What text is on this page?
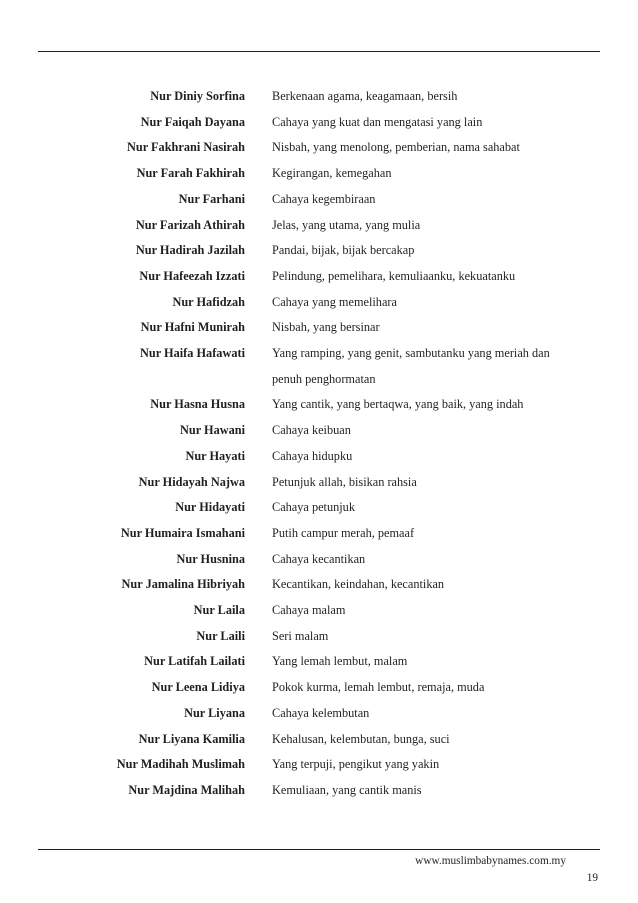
Nur Diniy Sorfina Berkenaan agama, keagamaan, bersih
Nur Faiqah Dayana Cahaya yang kuat dan mengatasi yang lain
Nur Fakhrani Nasirah Nisbah, yang menolong, pemberian, nama sahabat
Nur Farah Fakhirah Kegirangan, kemegahan
Nur Farhani Cahaya kegembiraan
Nur Farizah Athirah Jelas, yang utama, yang mulia
Nur Hadirah Jazilah Pandai, bijak, bijak bercakap
Nur Hafeezah Izzati Pelindung, pemelihara, kemuliaanku, kekuatanku
Nur Hafidzah Cahaya yang memelihara
Nur Hafni Munirah Nisbah, yang bersinar
Nur Haifa Hafawati Yang ramping, yang genit, sambutanku yang meriah dan
penuh penghormatan
Nur Hasna Husna Yang cantik, yang bertaqwa, yang baik, yang indah
Nur Hawani Cahaya keibuan
Nur Hayati Cahaya hidupku
Nur Hidayah Najwa Petunjuk allah, bisikan rahsia
Nur Hidayati Cahaya petunjuk
Nur Humaira Ismahani Putih campur merah, pemaaf
Nur Husnina Cahaya kecantikan
Nur Jamalina Hibriyah Kecantikan, keindahan, kecantikan
Nur Laila Cahaya malam
Nur Laili Seri malam
Nur Latifah Lailati Yang lemah lembut, malam
Nur Leena Lidiya Pokok kurma, lemah lembut, remaja, muda
Nur Liyana Cahaya kelembutan
Nur Liyana Kamilia Kehalusan, kelembutan, bunga, suci
Nur Madihah Muslimah Yang terpuji, pengikut yang yakin
Nur Majdina Malihah Kemuliaan, yang cantik manis
www.muslimbabynames.com.my
19
